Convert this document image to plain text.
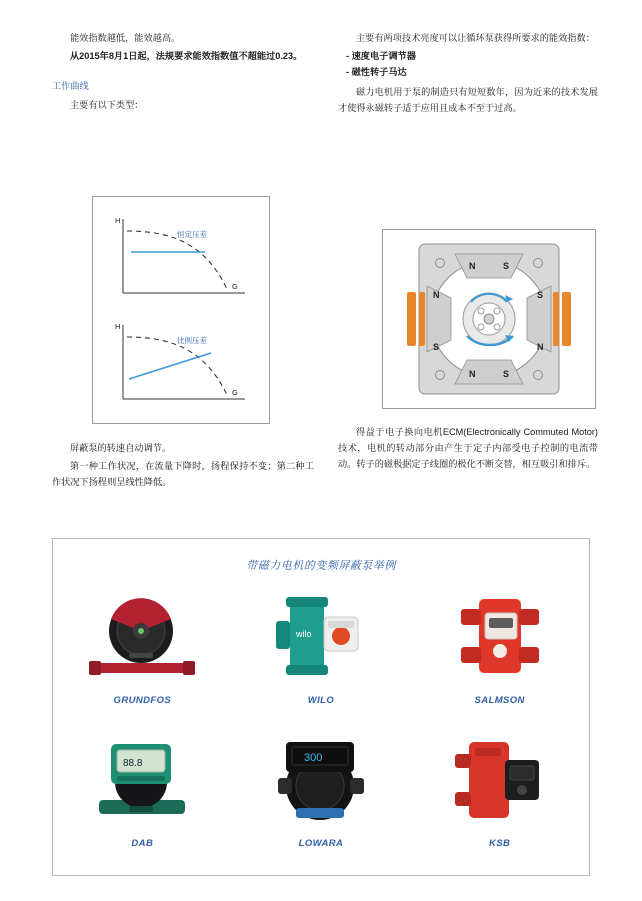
能效指数越低，能效越高。

从2015年8月1日起，法规要求能效指数值不超能过0.23。

工作曲线

主要有以下类型：

H
G
恒定压差
H
G
比例压差

屏蔽泵的转速自动调节。

第一种工作状况，在流量下降时，扬程保持不变；第二种工作状况下扬程则呈线性降低。

主要有两项技术亮度可以让循环泵获得所要求的能效指数：

- 速度电子调节器

- 磁性转子马达

磁力电机用于泵的制造只有短短数年，因为近来的技术发展才使得永磁转子适于应用且成本不至于过高。

N	S
N	S
N
S
S
N

得益于电子换向电机ECM(Electronically Commuted Motor)技术，电机的转动部分由产生于定子内部受电子控制的电流带动。转子的磁极据定子线圈的极化不断交替，相互吸引和排斥。

带磁力电机的变频屏蔽泵举例
GRUNDFOS
wilo
WILO	SALMSON
88.8
DAB
300
LOWARA	KSB
